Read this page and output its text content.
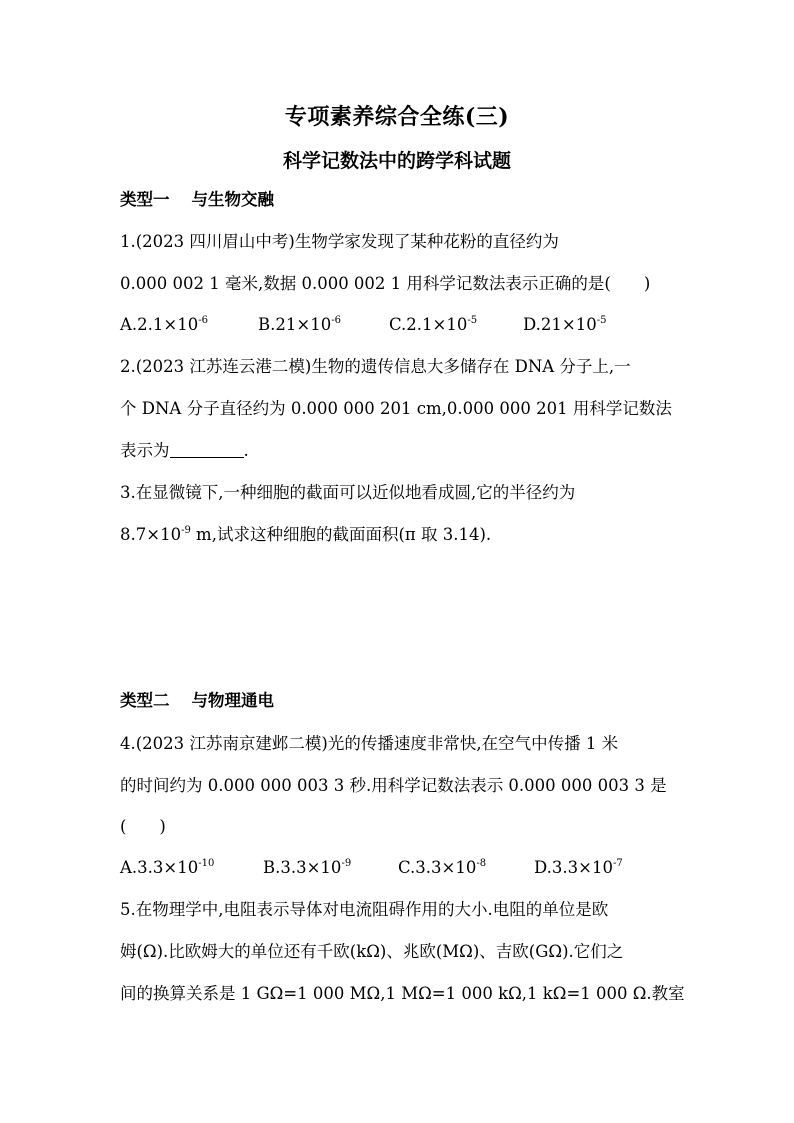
专项素养综合全练(三)
科学记数法中的跨学科试题
类型一 与生物交融
1.(2023 四川眉山中考)生物学家发现了某种花粉的直径约为
0.000 002 1 毫米,数据 0.000 002 1 用科学记数法表示正确的是(　　)
$A.2.1\times 10^{-6}$	$B.21\times 10^{-6}$	$C.2.1\times 10^{-5}$	$D.21\times 10^{-5}$
2.(2023 江苏连云港二模)生物的遗传信息大多储存在 DNA 分子上,一
个 DNA 分子直径约为 0.000 000 201 cm,0.000 000 201 用科学记数法
表示为	.
3.在显微镜下,一种细胞的截面可以近似地看成圆,它的半径约为
$8.7\times 10^{-9}$ m,试求这种细胞的截面面积(π 取 3.14).
类型二 与物理通电
4.(2023 江苏南京建邺二模)光的传播速度非常快,在空气中传播 1 米
的时间约为 0.000 000 003 3 秒.用科学记数法表示 0.000 000 003 3 是
(　　)
$A.3.3\times 10^{-10}$	$B.3.3\times 10^{-9}$	$C.3.3\times 10^{-8}$	$D.3.3\times 10^{-7}$
5.在物理学中,电阻表示导体对电流阻碍作用的大小.电阻的单位是欧
姆(Ω).比欧姆大的单位还有千欧(kΩ)、兆欧(MΩ)、吉欧(GΩ).它们之
间的换算关系是 1 GΩ=1 000 MΩ,1 MΩ=1 000 kΩ,1 kΩ=1 000 Ω.教室
